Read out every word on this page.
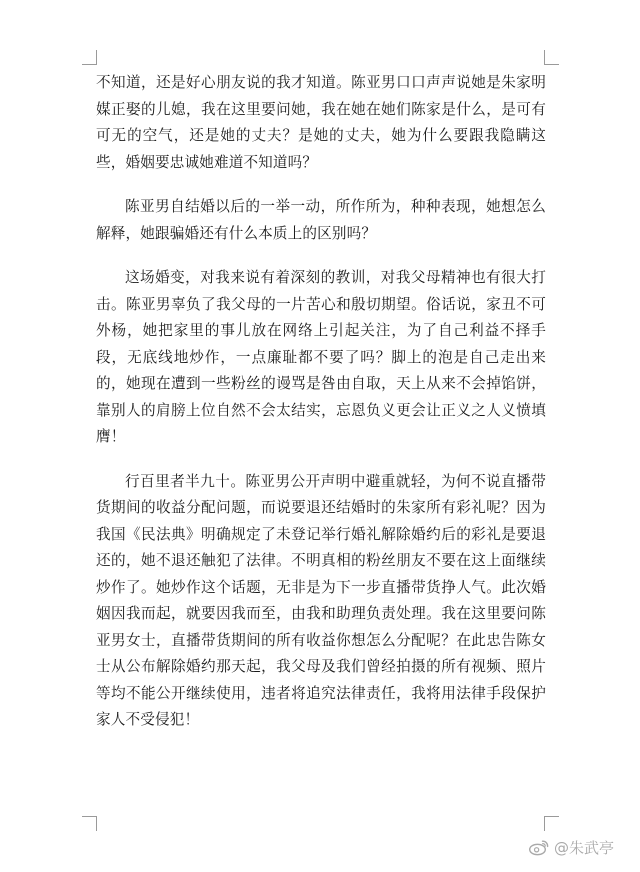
不知道，还是好心朋友说的我才知道。陈亚男口口声声说她是朱家明媒正娶的儿媳，我在这里要问她，我在她在她们陈家是什么，是可有可无的空气，还是她的丈夫？是她的丈夫，她为什么要跟我隐瞒这些，婚姻要忠诚她难道不知道吗？

陈亚男自结婚以后的一举一动，所作所为，种种表现，她想怎么解释，她跟骗婚还有什么本质上的区别吗？

这场婚变，对我来说有着深刻的教训，对我父母精神也有很大打击。陈亚男辜负了我父母的一片苦心和殷切期望。俗话说，家丑不可外杨，她把家里的事儿放在网络上引起关注，为了自己利益不择手段，无底线地炒作，一点廉耻都不要了吗？脚上的泡是自己走出来的，她现在遭到一些粉丝的谩骂是咎由自取，天上从来不会掉馅饼，靠别人的肩膀上位自然不会太结实，忘恩负义更会让正义之人义愤填膺！

行百里者半九十。陈亚男公开声明中避重就轻，为何不说直播带货期间的收益分配问题，而说要退还结婚时的朱家所有彩礼呢？因为我国《民法典》明确规定了未登记举行婚礼解除婚约后的彩礼是要退还的，她不退还触犯了法律。不明真相的粉丝朋友不要在这上面继续炒作了。她炒作这个话题，无非是为下一步直播带货挣人气。此次婚姻因我而起，就要因我而至，由我和助理负责处理。我在这里要问陈亚男女士，直播带货期间的所有收益你想怎么分配呢？在此忠告陈女士从公布解除婚约那天起，我父母及我们曾经拍摄的所有视频、照片等均不能公开继续使用，违者将追究法律责任，我将用法律手段保护家人不受侵犯！

@朱武亭
